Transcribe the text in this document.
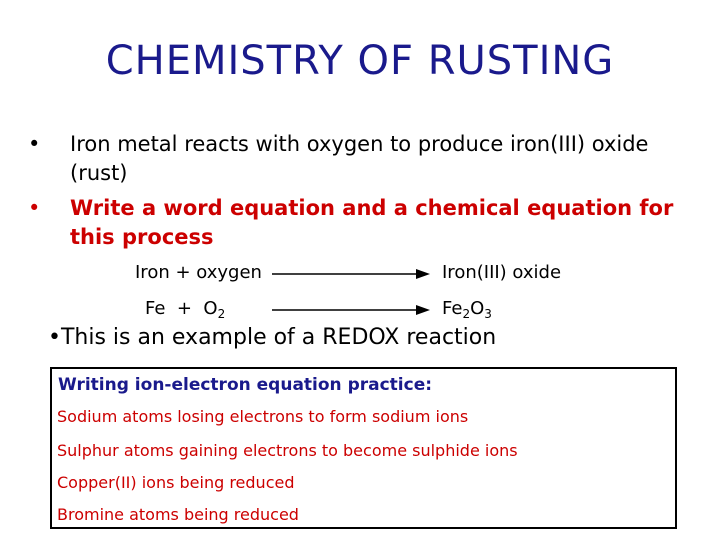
CHEMISTRY OF RUSTING
•	Iron metal reacts with oxygen to produce iron(III) oxide (rust)
•	Write a word equation and a chemical equation for this process
Iron + oxygen	Iron(III) oxide
$Fe + O_2$	$Fe_2O_3$
•This is an example of a REDOX reaction
Writing ion-electron equation practice:
Sodium atoms losing electrons to form sodium ions
Sulphur atoms gaining electrons to become sulphide ions
Copper(II) ions being reduced
Bromine atoms being reduced
